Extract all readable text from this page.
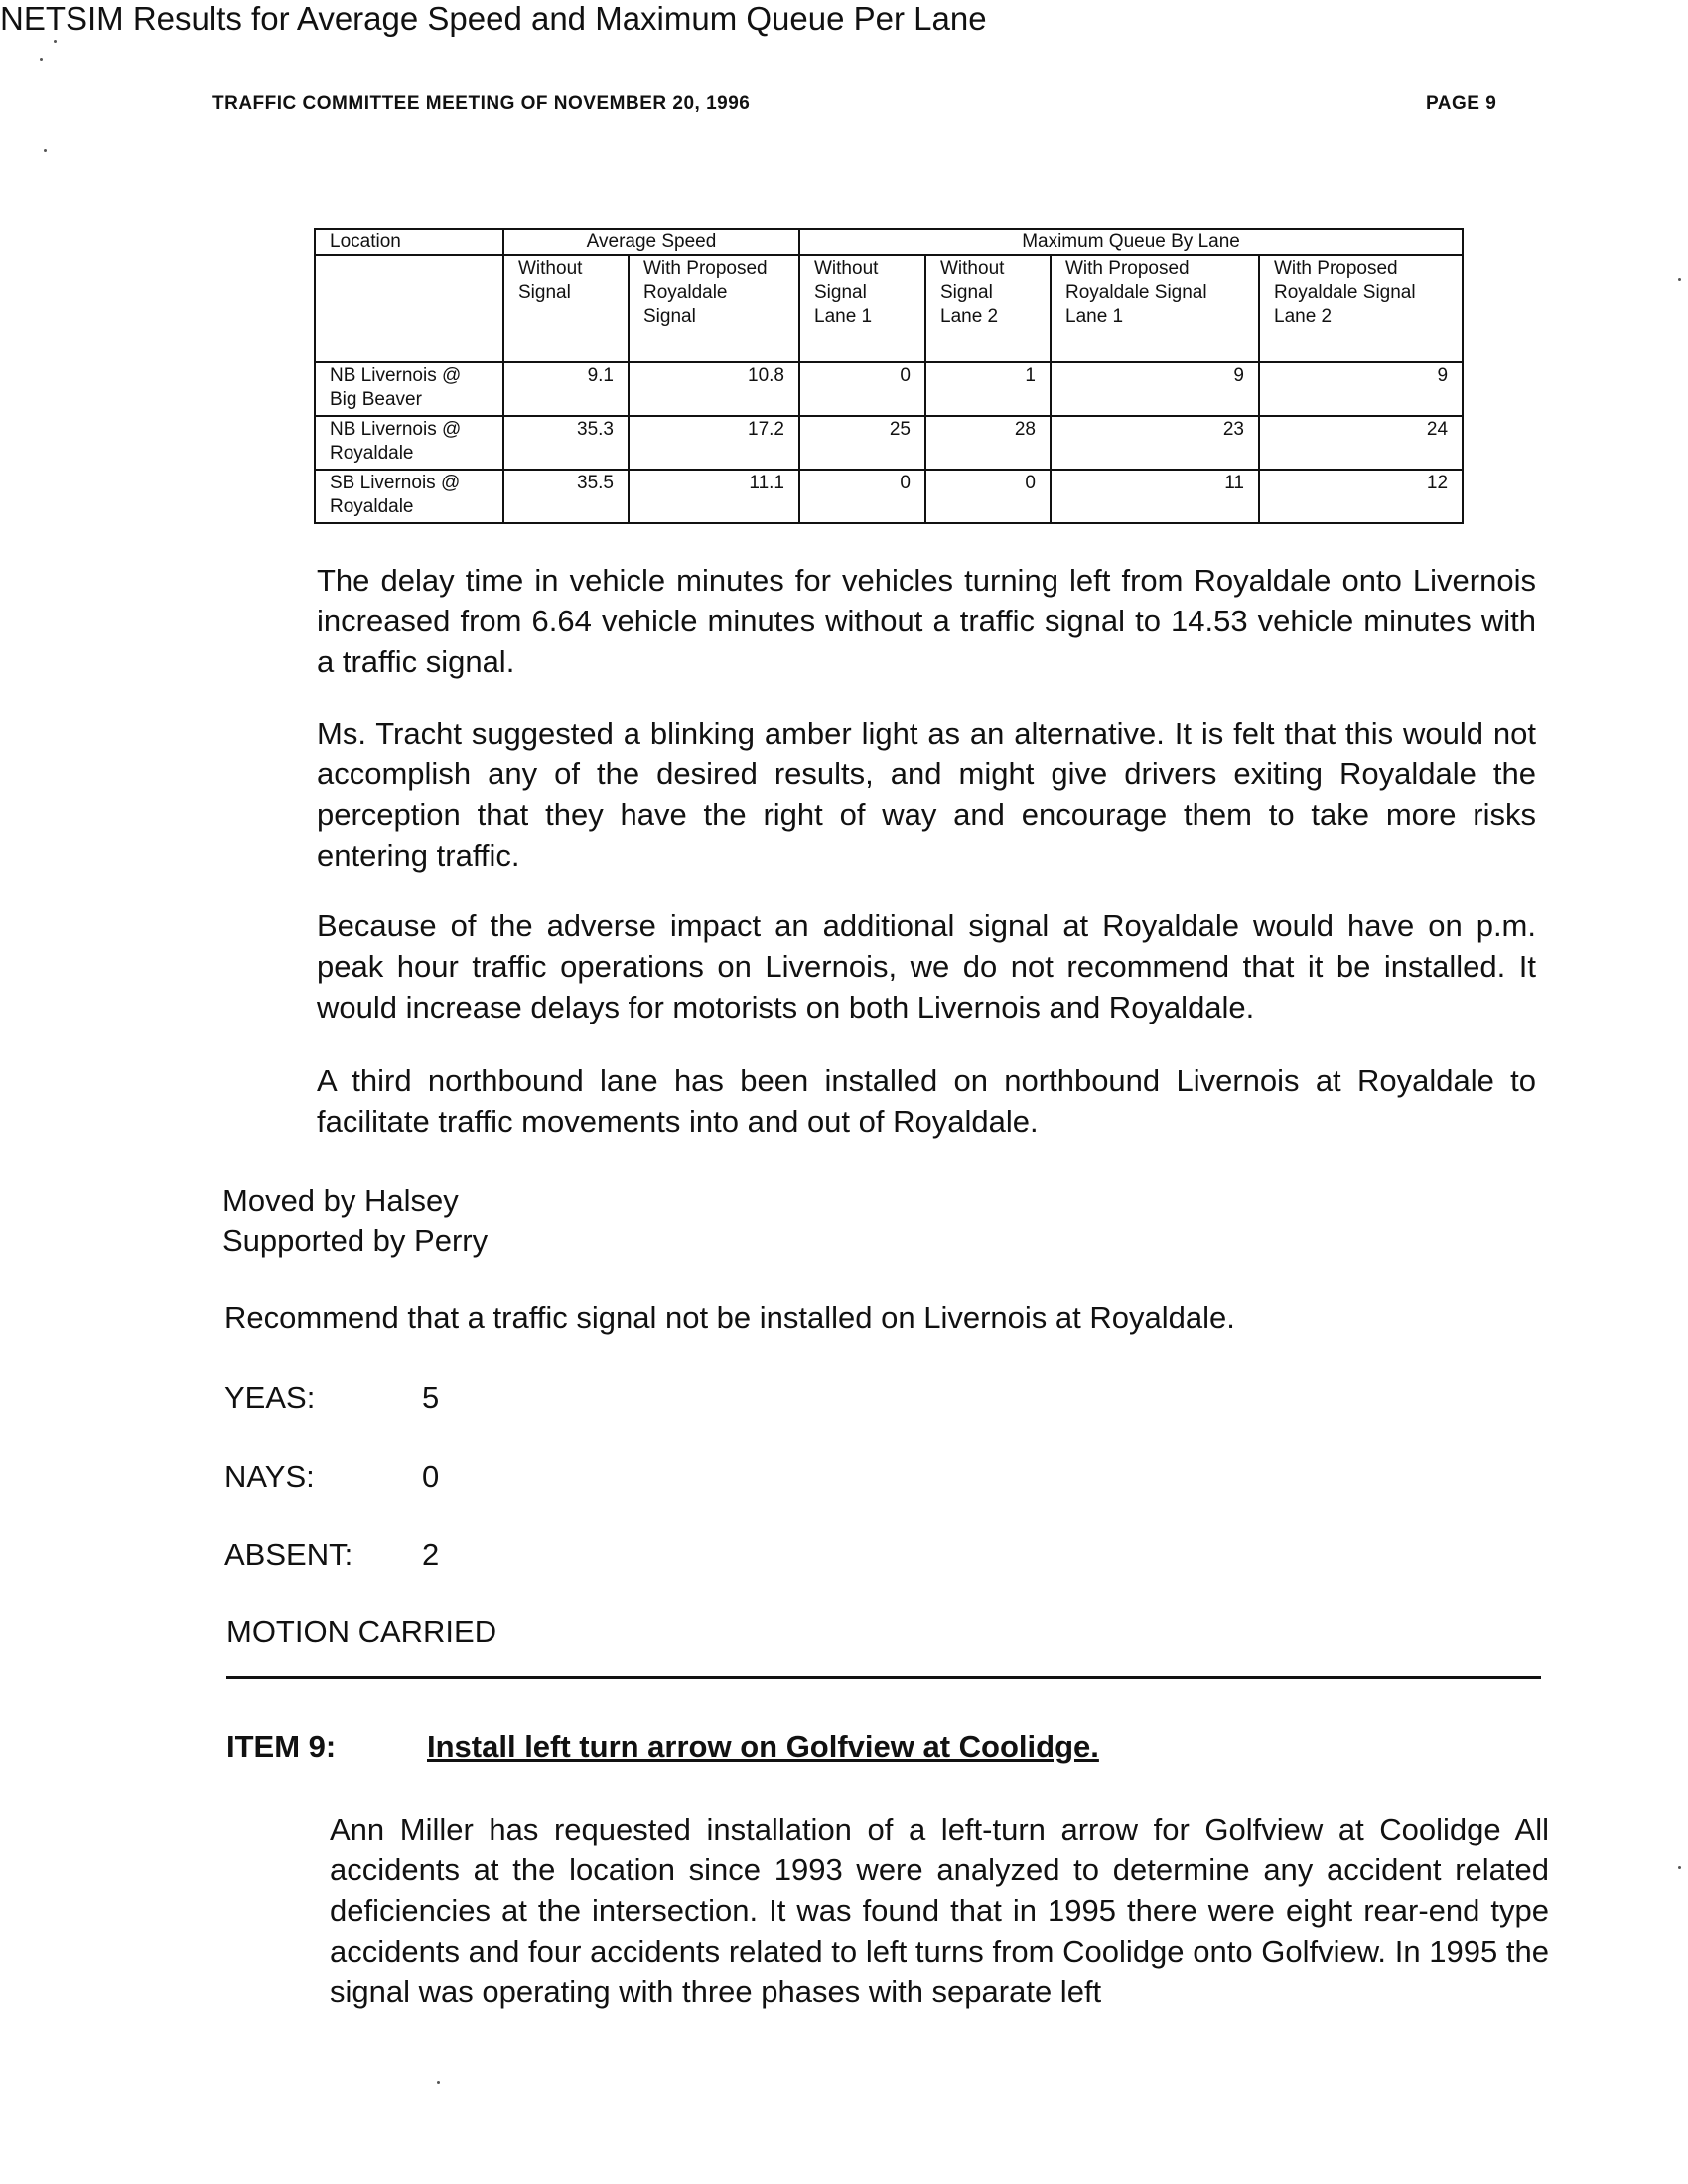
TRAFFIC COMMITTEE MEETING OF NOVEMBER 20, 1996	PAGE 9
NETSIM Results for Average Speed and Maximum Queue Per Lane
Location	Average Speed		Maximum Queue By Lane			
	Without Signal	With Proposed Royaldale Signal	Without Signal Lane 1	Without Signal Lane 2	With Proposed Royaldale Signal Lane 1	With Proposed Royaldale Signal Lane 2
NB Livernois @ Big Beaver	9.1	10.8	0	1	9	9
NB Livernois @ Royaldale	35.3	17.2	25	28	23	24
SB Livernois @ Royaldale	35.5	11.1	0	0	11	12
The delay time in vehicle minutes for vehicles turning left from Royaldale onto Livernois increased from 6.64 vehicle minutes without a traffic signal to 14.53 vehicle minutes with a traffic signal.
Ms. Tracht suggested a blinking amber light as an alternative. It is felt that this would not accomplish any of the desired results, and might give drivers exiting Royaldale the perception that they have the right of way and encourage them to take more risks entering traffic.
Because of the adverse impact an additional signal at Royaldale would have on p.m. peak hour traffic operations on Livernois, we do not recommend that it be installed. It would increase delays for motorists on both Livernois and Royaldale.
A third northbound lane has been installed on northbound Livernois at Royaldale to facilitate traffic movements into and out of Royaldale.
Moved by Halsey
Supported by Perry
Recommend that a traffic signal not be installed on Livernois at Royaldale.
YEAS:	5
NAYS:	0
ABSENT: 2
MOTION CARRIED
ITEM 9:	Install left turn arrow on Golfview at Coolidge.
Ann Miller has requested installation of a left-turn arrow for Golfview at Coolidge All accidents at the location since 1993 were analyzed to determine any accident related deficiencies at the intersection. It was found that in 1995 there were eight rear-end type accidents and four accidents related to left turns from Coolidge onto Golfview. In 1995 the signal was operating with three phases with separate left
